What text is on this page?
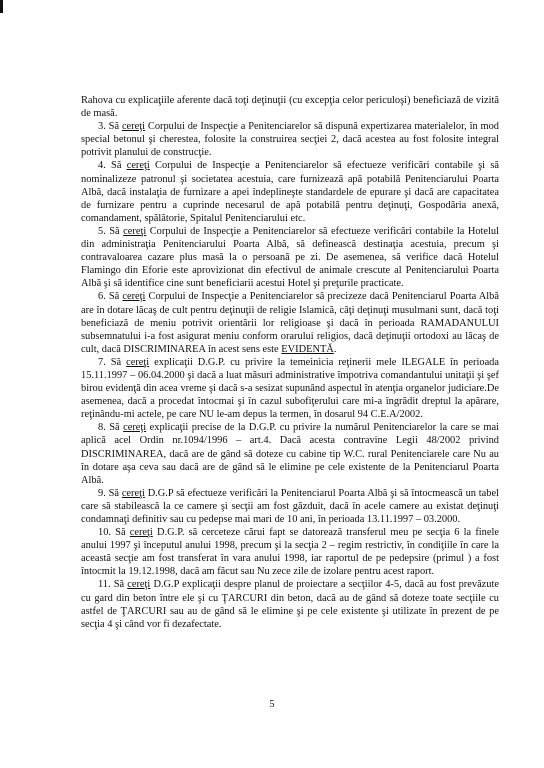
Rahova cu explicaţiile aferente dacă toţi deţinuţii (cu excepţia celor periculoşi) beneficiază de vizită de masă.

3. Să cereţi Corpului de Inspecţie a Penitenciarelor să dispună expertizarea materialelor, în mod special betonul şi cherestea, folosite la construirea secţiei 2, dacă acestea au fost folosite integral potrivit planului de construcţie.

4. Să cereţi Corpului de Inspecţie a Penitenciarelor să efectueze verificări contabile şi să nominalizeze patronul şi societatea acestuia, care furnizează apă potabilă Penitenciarului Poarta Albă, dacă instalaţia de furnizare a apei îndeplineşte standardele de epurare şi dacă are capacitatea de furnizare pentru a cuprinde necesarul de apă potabilă pentru deţinuţi, Gospodăria anexă, comandament, spălătorie, Spitalul Penitenciarului etc.

5. Să cereţi Corpului de Inspecţie a Penitenciarelor să efectueze verificări contabile la Hotelul din administraţia Penitenciarului Poarta Albă, să definească destinaţia acestuia, precum şi contravaloarea cazare plus masă la o persoană pe zi. De asemenea, să verifice dacă Hotelul Flamingo din Eforie este aprovizionat din efectivul de animale crescute al Penitenciarului Poarta Albă şi să identifice cine sunt beneficiarii acestui Hotel şi preţurile practicate.

6. Să cereţi Corpului de Inspecţie a Penitenciarelor să precizeze dacă Penitenciarul Poarta Albă are în dotare lăcaş de cult pentru deţinuţii de religie Islamică, câţi deţinuţi musulmani sunt, dacă toţi beneficiază de meniu potrivit orientării lor religioase şi dacă în perioada RAMADANULUI subsemnatului i-a fost asigurat meniu conform orarului religios, dacă deţinuţii ortodoxi au lăcaş de cult, dacă DISCRIMINAREA în acest sens este EVIDENTĂ.

7. Să cereţi explicaţii D.G.P. cu privire la temeinicia reţinerii mele ILEGALE în perioada 15.11.1997 – 06.04.2000 şi dacă a luat măsuri administrative împotriva comandantului unitaţii şi şef birou evidenţă din acea vreme şi dacă s-a sesizat supunând aspectul în atenţia organelor judiciare.De asemenea, dacă a procedat întocmai şi în cazul subofiţerului care mi-a îngrădit dreptul la apărare, reţinându-mi actele, pe care NU le-am depus la termen, în dosarul 94 C.E.A/2002.

8. Să cereţi explicaţii precise de la D.G.P. cu privire la numărul Penitenciarelor la care se mai aplică acel Ordin nr.1094/1996 – art.4. Dacă acesta contravine Legii 48/2002 privind DISCRIMINAREA, dacă are de gând să doteze cu cabine tip W.C. rural Penitenciarele care Nu au în dotare aşa ceva sau dacă are de gând să le elimine pe cele existente de la Penitenciarul Poarta Albă.

9. Să cereţi D.G.P să efectueze verificări la Penitenciarul Poarta Albă şi să întocmească un tabel care să stabilească la ce camere şi secţii am fost găzduit, dacă în acele camere au existat deţinuţi condamnaţi definitiv sau cu pedepse mai mari de 10 ani, în perioada 13.11.1997 – 03.2000.

10. Să cereţi D.G.P. să cerceteze cărui fapt se datorează transferul meu pe secţia 6 la finele anului 1997 şi începutul anului 1998, precum şi la secţia 2 – regim restrictiv, în condiţiile în care la această secţie am fost transferat în vara anului 1998, iar raportul de pe pedepsire (primul ) a fost întocmit la 19.12.1998, dacă am făcut sau Nu zece zile de izolare pentru acest raport.

11. Să cereţi D.G.P explicaţii despre planul de proiectare a secţiilor 4-5, dacă au fost prevăzute cu gard din beton între ele şi cu ŢARCURI din beton, dacă au de gând să doteze toate secţiile cu astfel de ŢARCURI sau au de gând să le elimine şi pe cele existente şi utilizate în prezent de pe secţia 4 şi când vor fi dezafectate.

5
